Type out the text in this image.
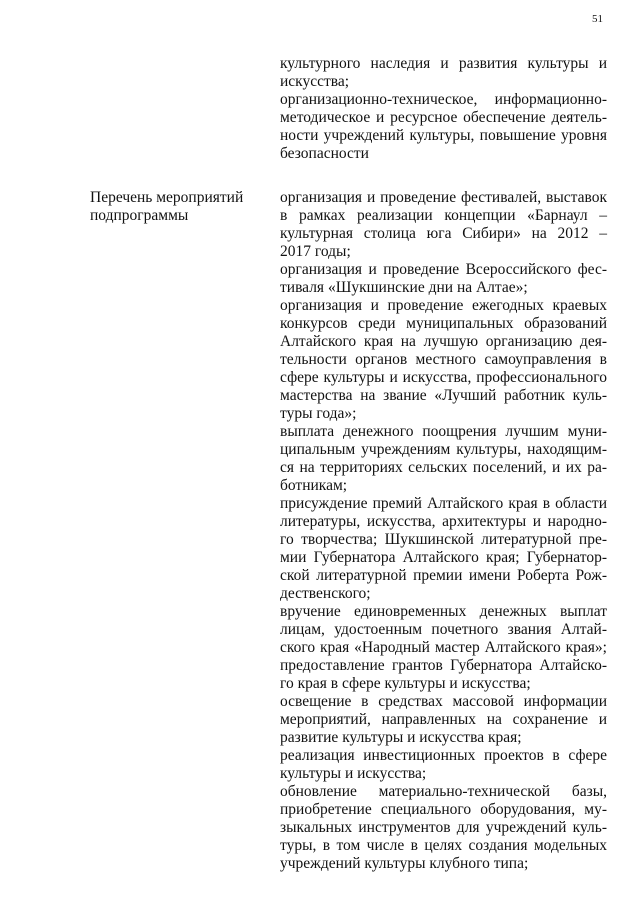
51

культурного наследия и развития культуры и

искусства;

организационно-техническое, информационно-

методическое и ресурсное обеспечение деятель-

ности учреждений культуры, повышение уровня

безопасности

Перечень мероприятий

подпрограммы

организация и проведение фестивалей, выставок

в рамках реализации концепции «Барнаул –

культурная столица юга Сибири» на 2012 –

2017 годы;

организация и проведение Всероссийского фес-

тиваля «Шукшинские дни на Алтае»;

организация и проведение ежегодных краевых

конкурсов среди муниципальных образований

Алтайского края на лучшую организацию дея-

тельности органов местного самоуправления в

сфере культуры и искусства, профессионального

мастерства на звание «Лучший работник куль-

туры года»;

выплата денежного поощрения лучшим муни-

ципальным учреждениям культуры, находящим-

ся на территориях сельских поселений, и их ра-

ботникам;

присуждение премий Алтайского края в области

литературы, искусства, архитектуры и народно-

го творчества; Шукшинской литературной пре-

мии Губернатора Алтайского края; Губернатор-

ской литературной премии имени Роберта Рож-

дественского;

вручение единовременных денежных выплат

лицам, удостоенным почетного звания Алтай-

ского края «Народный мастер Алтайского края»;

предоставление грантов Губернатора Алтайско-

го края в сфере культуры и искусства;

освещение в средствах массовой информации

мероприятий, направленных на сохранение и

развитие культуры и искусства края;

реализация инвестиционных проектов в сфере

культуры и искусства;

обновление материально-технической базы,

приобретение специального оборудования, му-

зыкальных инструментов для учреждений куль-

туры, в том числе в целях создания модельных

учреждений культуры клубного типа;
